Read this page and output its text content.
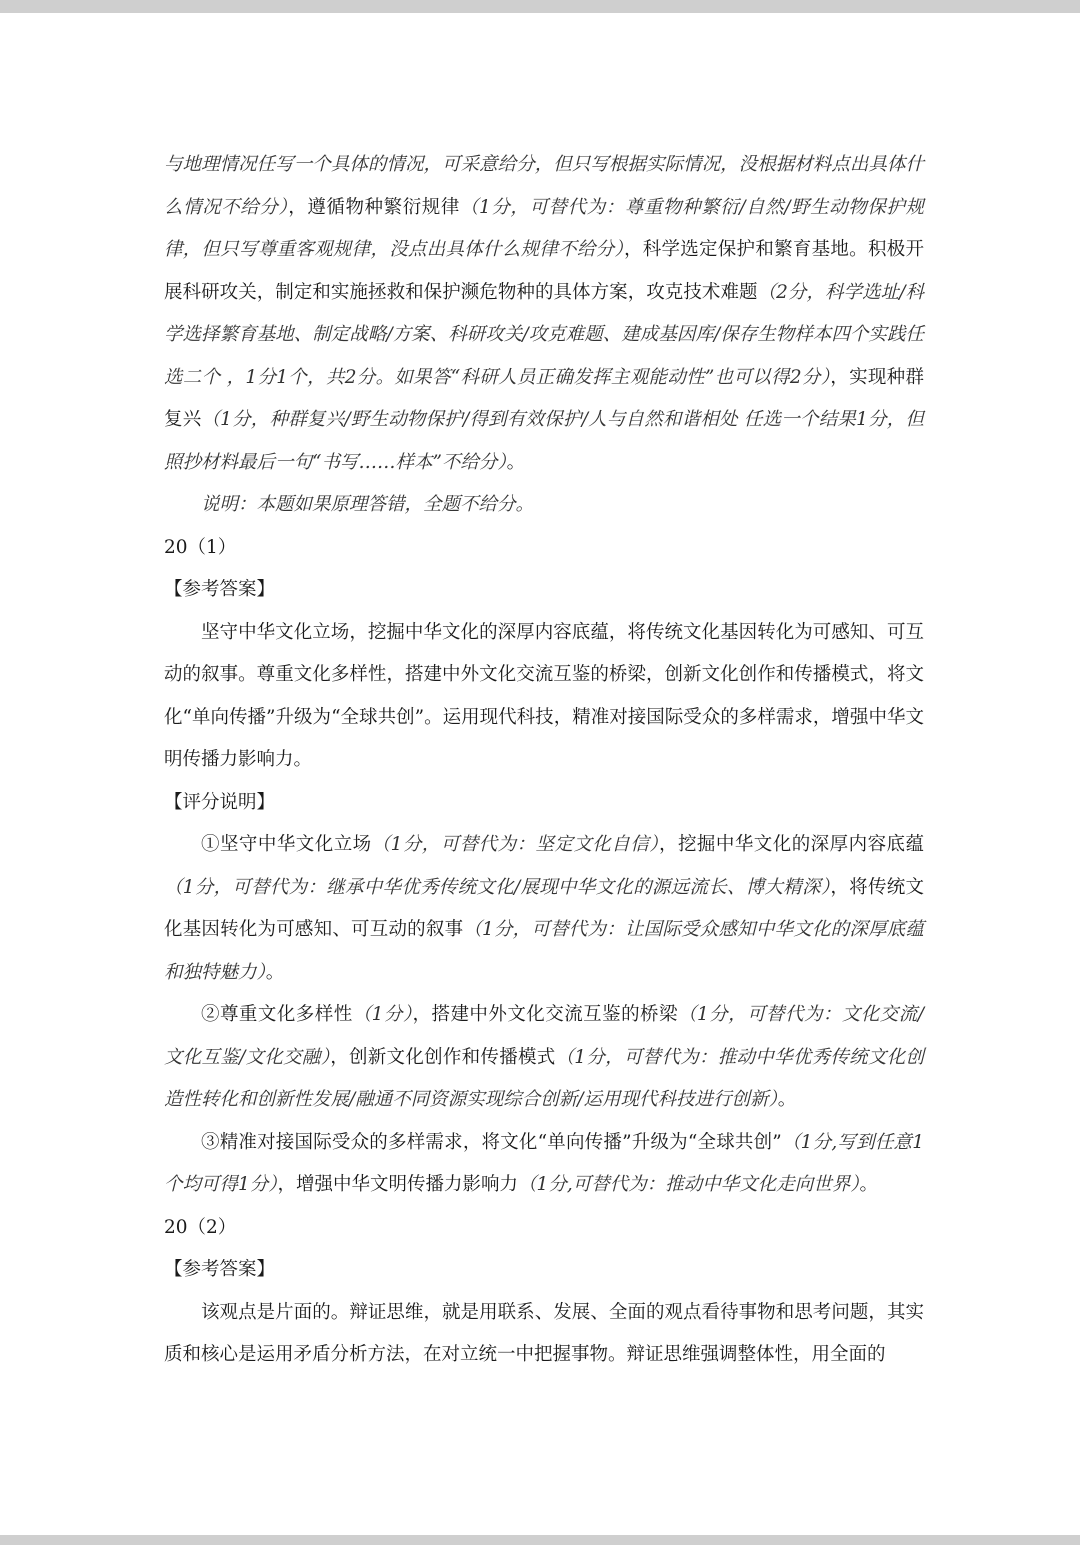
与地理情况任写一个具体的情况，可采意给分，但只写根据实际情况，没根据材料点出具体什么情况不给分），遵循物种繁衍规律（1分，可替代为：尊重物种繁衍/自然/野生动物保护规律，但只写尊重客观规律，没点出具体什么规律不给分），科学选定保护和繁育基地。积极开展科研攻关，制定和实施拯救和保护濒危物种的具体方案，攻克技术难题（2分，科学选址/科学选择繁育基地、制定战略/方案、科研攻关/攻克难题、建成基因库/保存生物样本四个实践任选二个 ，1分1个，共2分。如果答“科研人员正确发挥主观能动性”也可以得2分），实现种群复兴（1分，种群复兴/野生动物保护/得到有效保护/人与自然和谐相处 任选一个结果1分，但照抄材料最后一句“书写……样本”不给分）。

说明：本题如果原理答错，全题不给分。

20（1）

【参考答案】

坚守中华文化立场，挖掘中华文化的深厚内容底蕴，将传统文化基因转化为可感知、可互动的叙事。尊重文化多样性，搭建中外文化交流互鉴的桥梁，创新文化创作和传播模式，将文化“单向传播”升级为“全球共创”。运用现代科技，精准对接国际受众的多样需求，增强中华文明传播力影响力。

【评分说明】

①坚守中华文化立场（1分，可替代为：坚定文化自信），挖掘中华文化的深厚内容底蕴（1分，可替代为：继承中华优秀传统文化/展现中华文化的源远流长、博大精深），将传统文化基因转化为可感知、可互动的叙事（1分，可替代为：让国际受众感知中华文化的深厚底蕴和独特魅力）。

②尊重文化多样性（1分），搭建中外文化交流互鉴的桥梁（1分，可替代为：文化交流/文化互鉴/文化交融），创新文化创作和传播模式（1分，可替代为：推动中华优秀传统文化创造性转化和创新性发展/融通不同资源实现综合创新/运用现代科技进行创新）。

③精准对接国际受众的多样需求，将文化“单向传播”升级为“全球共创”（1分,写到任意1个均可得1分），增强中华文明传播力影响力（1分,可替代为：推动中华文化走向世界）。

20（2）

【参考答案】

该观点是片面的。辩证思维，就是用联系、发展、全面的观点看待事物和思考问题，其实质和核心是运用矛盾分析方法，在对立统一中把握事物。辩证思维强调整体性，用全面的
